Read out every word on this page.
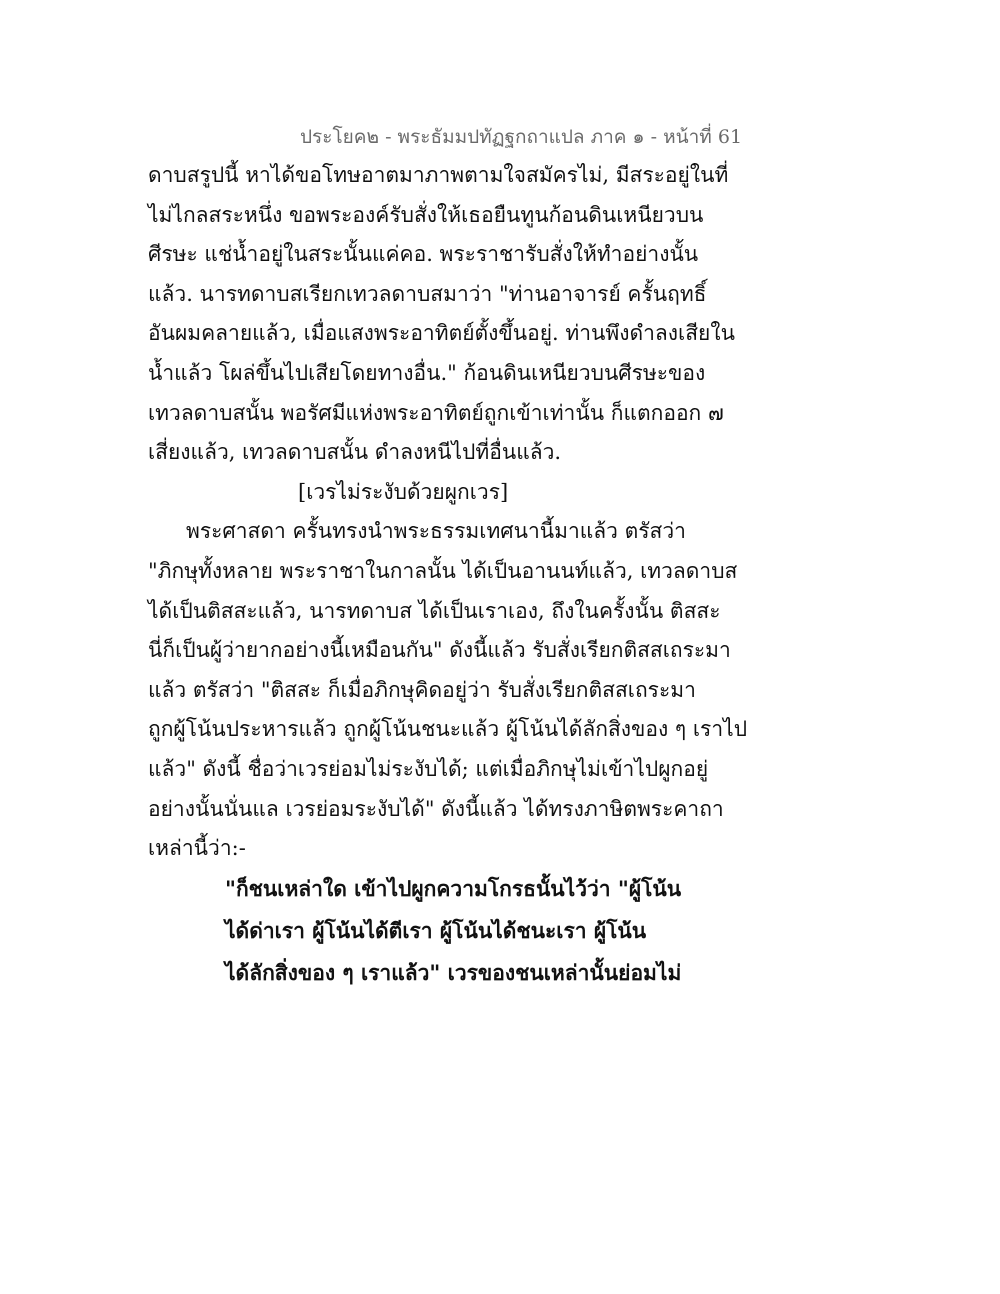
ประโยค๒ - พระธัมมปทัฏฐกถาแปล ภาค ๑ - หน้าที่ 61
ดาบสรูปนี้ หาได้ขอโทษอาตมาภาพตามใจสมัครไม่, มีสระอยู่ในที่
ไม่ไกลสระหนึ่ง ขอพระองค์รับสั่งให้เธอยืนทูนก้อนดินเหนียวบน
ศีรษะ แช่น้ำอยู่ในสระนั้นแค่คอ. พระราชารับสั่งให้ทำอย่างนั้น
แล้ว. นารทดาบสเรียกเทวลดาบสมาว่า "ท่านอาจารย์ ครั้นฤทธิ์
อันผมคลายแล้ว, เมื่อแสงพระอาทิตย์ตั้งขึ้นอยู่. ท่านพึงดำลงเสียใน
น้ำแล้ว โผล่ขึ้นไปเสียโดยทางอื่น." ก้อนดินเหนียวบนศีรษะของ
เทวลดาบสนั้น พอรัศมีแห่งพระอาทิตย์ถูกเข้าเท่านั้น ก็แตกออก ๗
เสี่ยงแล้ว, เทวลดาบสนั้น ดำลงหนีไปที่อื่นแล้ว.
[เวรไม่ระงับด้วยผูกเวร]
พระศาสดา ครั้นทรงนำพระธรรมเทศนานี้มาแล้ว ตรัสว่า
"ภิกษุทั้งหลาย พระราชาในกาลนั้น ได้เป็นอานนท์แล้ว, เทวลดาบส
ได้เป็นติสสะแล้ว, นารทดาบส ได้เป็นเราเอง, ถึงในครั้งนั้น ติสสะ
นี่ก็เป็นผู้ว่ายากอย่างนี้เหมือนกัน" ดังนี้แล้ว รับสั่งเรียกติสสเถระมา
แล้ว ตรัสว่า "ติสสะ ก็เมื่อภิกษุคิดอยู่ว่า รับสั่งเรียกติสสเถระมา
ถูกผู้โน้นประหารแล้ว ถูกผู้โน้นชนะแล้ว ผู้โน้นได้ลักสิ่งของ ๆ เราไป
แล้ว" ดังนี้ ชื่อว่าเวรย่อมไม่ระงับได้; แต่เมื่อภิกษุไม่เข้าไปผูกอยู่
อย่างนั้นนั่นแล เวรย่อมระงับได้" ดังนี้แล้ว ได้ทรงภาษิตพระคาถา
เหล่านี้ว่า:-
"ก็ชนเหล่าใด เข้าไปผูกความโกรธนั้นไว้ว่า "ผู้โน้น
ได้ด่าเรา ผู้โน้นได้ตีเรา ผู้โน้นได้ชนะเรา ผู้โน้น
ได้ลักสิ่งของ ๆ เราแล้ว" เวรของชนเหล่านั้นย่อมไม่
